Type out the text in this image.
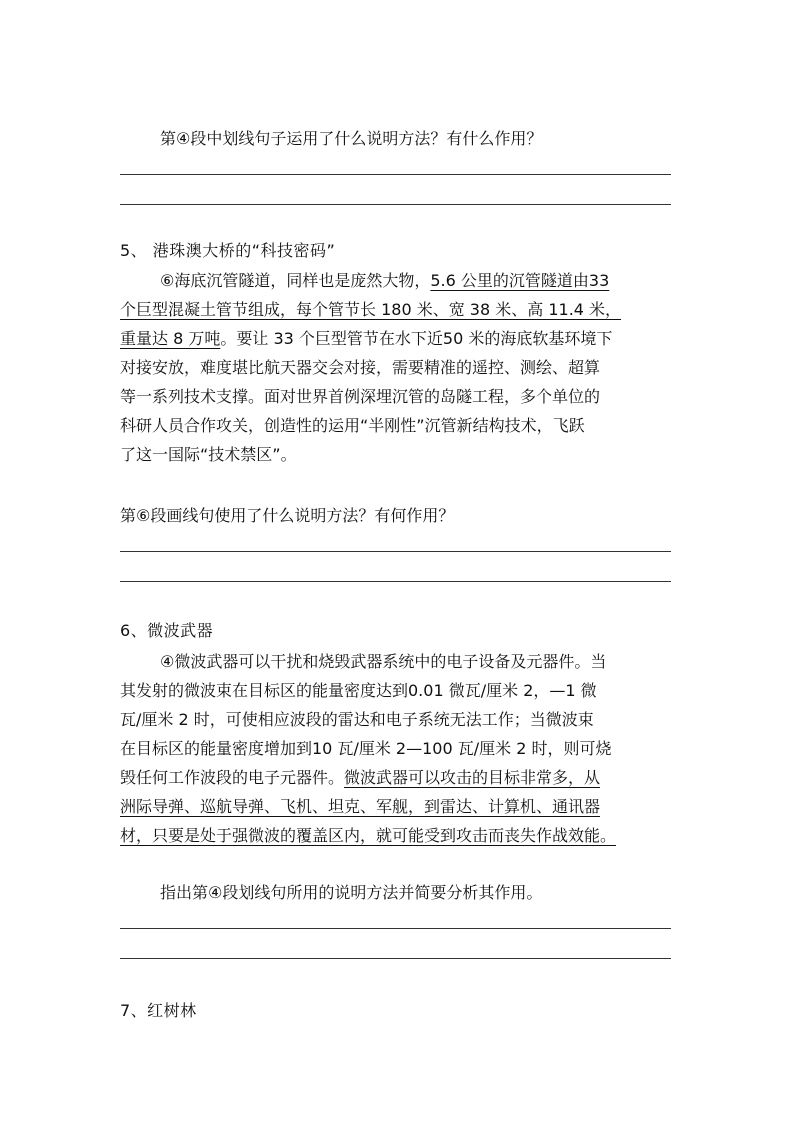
第④段中划线句子运用了什么说明方法？有什么作用？

5、 港珠澳大桥的“科技密码”

⑥海底沉管隧道，同样也是庞然大物，5.6 公里的沉管隧道由33

个巨型混凝土管节组成，每个管节长 180 米、宽 38 米、高 11.4 米，

重量达 8 万吨。要让 33 个巨型管节在水下近50 米的海底软基环境下

对接安放，难度堪比航天器交会对接，需要精准的遥控、测绘、超算

等一系列技术支撑。面对世界首例深埋沉管的岛隧工程，多个单位的

科研人员合作攻关，创造性的运用“半刚性”沉管新结构技术，飞跃

了这一国际“技术禁区”。

第⑥段画线句使用了什么说明方法？有何作用？

6、微波武器

④微波武器可以干扰和烧毁武器系统中的电子设备及元器件。当

其发射的微波束在目标区的能量密度达到0.01 微瓦/厘米 2，—1 微

瓦/厘米 2 时，可使相应波段的雷达和电子系统无法工作；当微波束

在目标区的能量密度增加到10 瓦/厘米 2—100 瓦/厘米 2 时，则可烧

毁任何工作波段的电子元器件。微波武器可以攻击的目标非常多，从

洲际导弹、巡航导弹、飞机、坦克、军舰，到雷达、计算机、通讯器

材，只要是处于强微波的覆盖区内，就可能受到攻击而丧失作战效能。

指出第④段划线句所用的说明方法并简要分析其作用。

7、红树林
